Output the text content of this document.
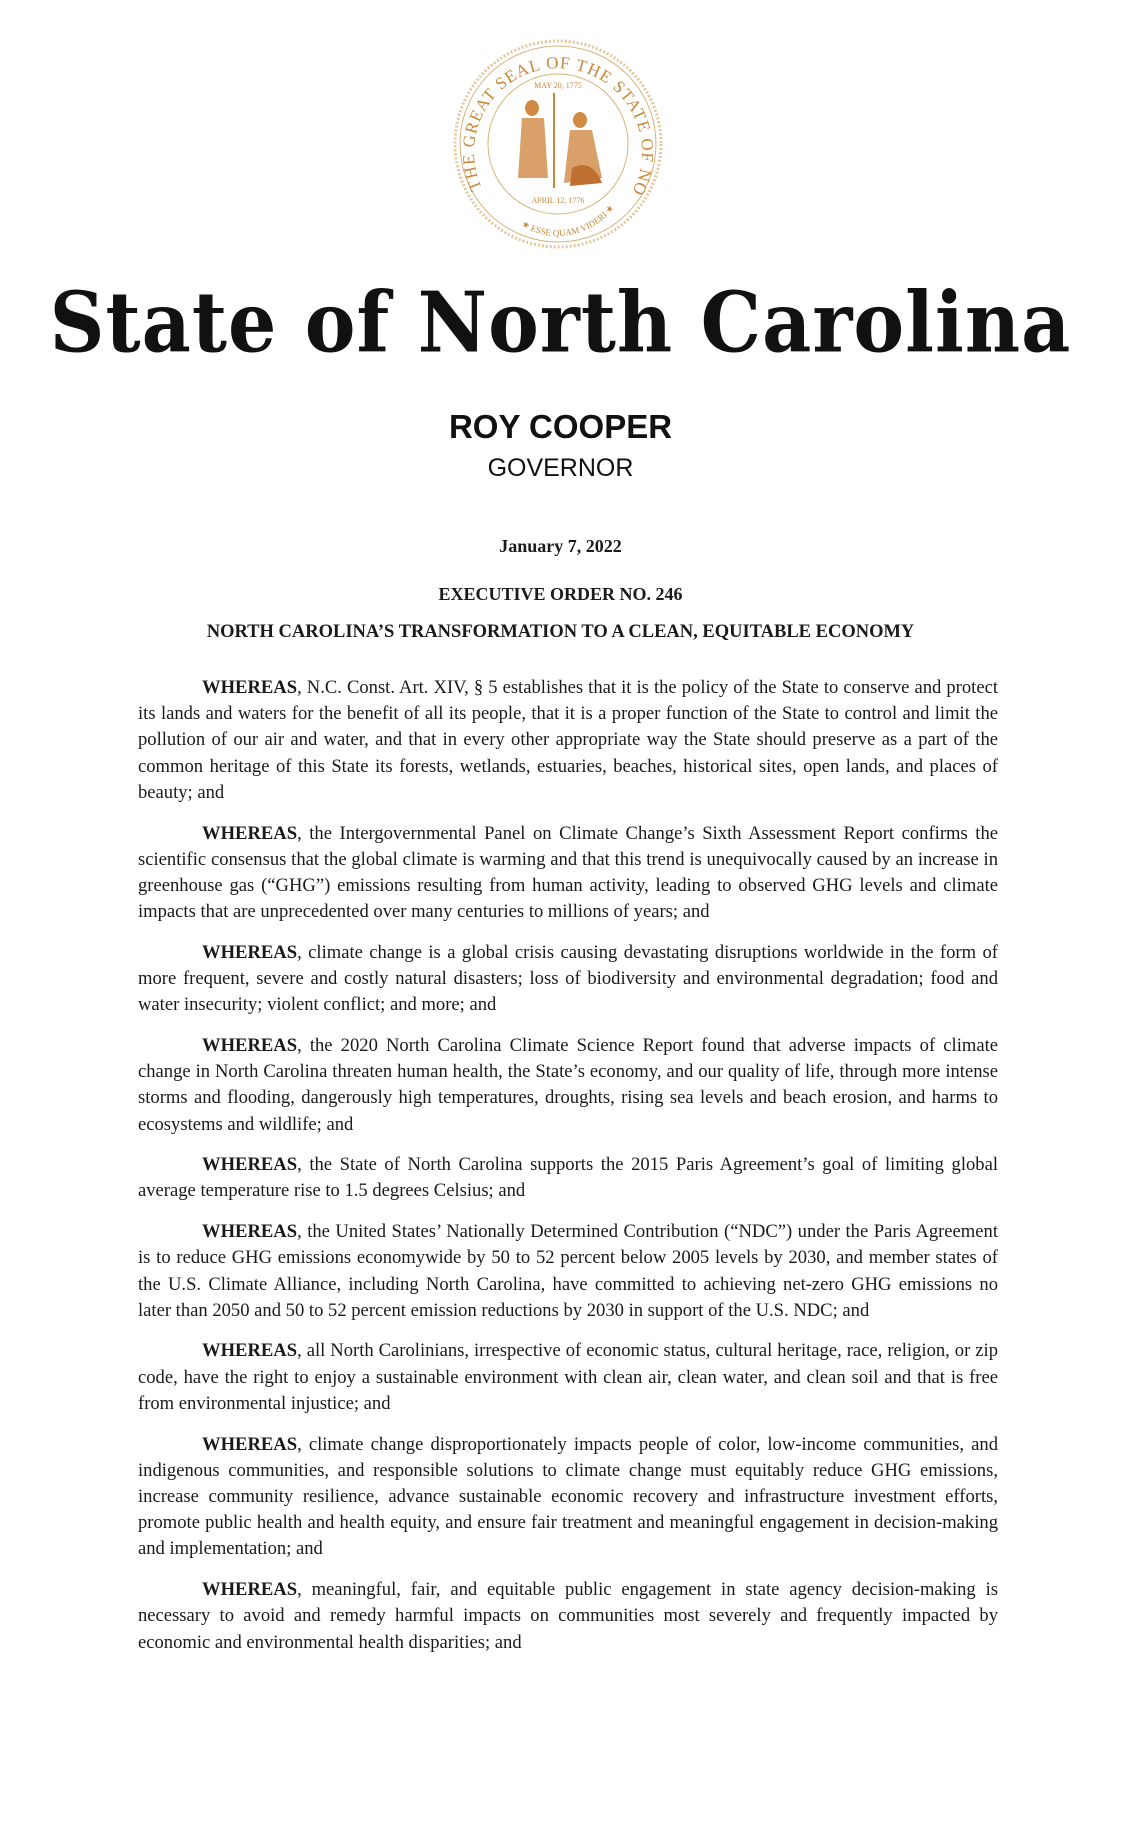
THE GREAT SEAL OF THE STATE OF NO
★ ESSE QUAM VIDERI ★
MAY 20, 1775
APRIL 12, 1776
State of North Carolina
ROY COOPER
GOVERNOR
January 7, 2022
EXECUTIVE ORDER NO. 246
NORTH CAROLINA’S TRANSFORMATION TO A CLEAN, EQUITABLE ECONOMY

WHEREAS, N.C. Const. Art. XIV, § 5 establishes that it is the policy of the State to conserve and protect its lands and waters for the benefit of all its people, that it is a proper function of the State to control and limit the pollution of our air and water, and that in every other appropriate way the State should preserve as a part of the common heritage of this State its forests, wetlands, estuaries, beaches, historical sites, open lands, and places of beauty; and

WHEREAS, the Intergovernmental Panel on Climate Change’s Sixth Assessment Report confirms the scientific consensus that the global climate is warming and that this trend is unequivocally caused by an increase in greenhouse gas (“GHG”) emissions resulting from human activity, leading to observed GHG levels and climate impacts that are unprecedented over many centuries to millions of years; and

WHEREAS, climate change is a global crisis causing devastating disruptions worldwide in the form of more frequent, severe and costly natural disasters; loss of biodiversity and environmental degradation; food and water insecurity; violent conflict; and more; and

WHEREAS, the 2020 North Carolina Climate Science Report found that adverse impacts of climate change in North Carolina threaten human health, the State’s economy, and our quality of life, through more intense storms and flooding, dangerously high temperatures, droughts, rising sea levels and beach erosion, and harms to ecosystems and wildlife; and

WHEREAS, the State of North Carolina supports the 2015 Paris Agreement’s goal of limiting global average temperature rise to 1.5 degrees Celsius; and

WHEREAS, the United States’ Nationally Determined Contribution (“NDC”) under the Paris Agreement is to reduce GHG emissions economywide by 50 to 52 percent below 2005 levels by 2030, and member states of the U.S. Climate Alliance, including North Carolina, have committed to achieving net-zero GHG emissions no later than 2050 and 50 to 52 percent emission reductions by 2030 in support of the U.S. NDC; and

WHEREAS, all North Carolinians, irrespective of economic status, cultural heritage, race, religion, or zip code, have the right to enjoy a sustainable environment with clean air, clean water, and clean soil and that is free from environmental injustice; and

WHEREAS, climate change disproportionately impacts people of color, low-income communities, and indigenous communities, and responsible solutions to climate change must equitably reduce GHG emissions, increase community resilience, advance sustainable economic recovery and infrastructure investment efforts, promote public health and health equity, and ensure fair treatment and meaningful engagement in decision-making and implementation; and

WHEREAS, meaningful, fair, and equitable public engagement in state agency decision-making is necessary to avoid and remedy harmful impacts on communities most severely and frequently impacted by economic and environmental health disparities; and
